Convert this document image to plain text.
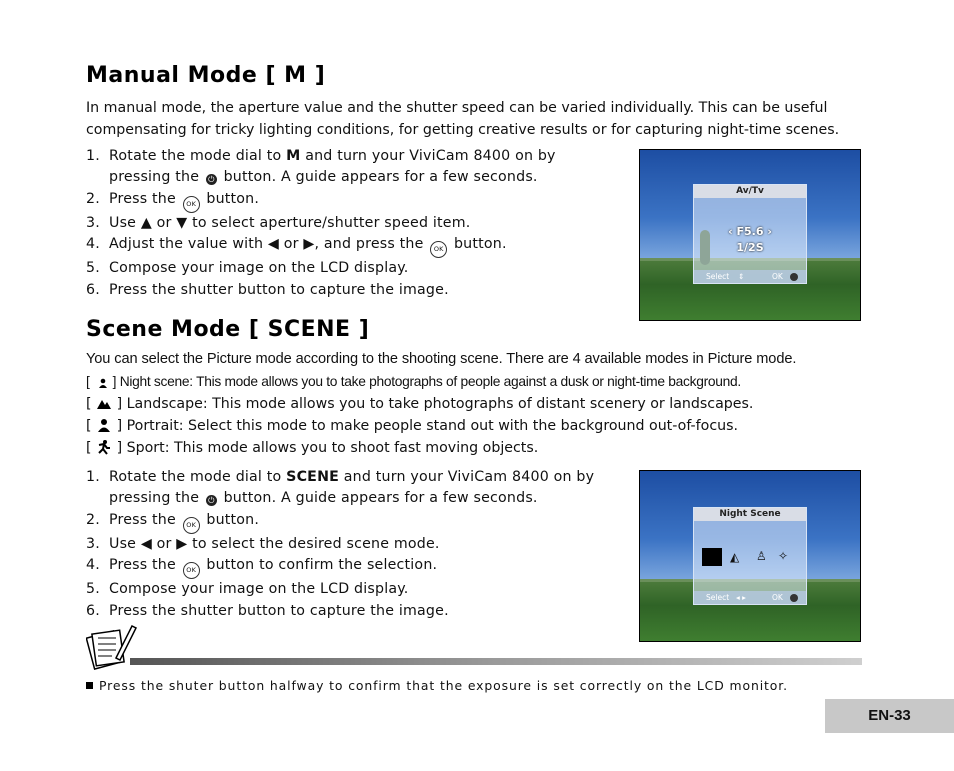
Manual Mode [ M ]
In manual mode, the aperture value and the shutter speed can be varied individually. This can be useful compensating for tricky lighting conditions, for getting creative results or for capturing night-time scenes.
1. Rotate the mode dial to M and turn your ViviCam 8400 on by pressing the ⏻ button. A guide appears for a few seconds.
2. Press the OK button.
3. Use ▲ or ▼ to select aperture/shutter speed item.
4. Adjust the value with ◀ or ▶, and press the OK button.
5. Compose your image on the LCD display.
6. Press the shutter button to capture the image.
Av/Tv
‹ F5.6 ›
1/2S
Select ⇕	OK
Scene Mode [ SCENE ]
You can select the Picture mode according to the shooting scene. There are 4 available modes in Picture mode.
[  ] Night scene: This mode allows you to take photographs of people against a dusk or night-time background.
[  ] Landscape: This mode allows you to take photographs of distant scenery or landscapes.
[  ] Portrait: Select this mode to make people stand out with the background out-of-focus.
[  ] Sport: This mode allows you to shoot fast moving objects.
1. Rotate the mode dial to SCENE and turn your ViviCam 8400 on by pressing the ⏻ button. A guide appears for a few seconds.
2. Press the OK button.
3. Use ◀ or ▶ to select the desired scene mode.
4. Press the OK button to confirm the selection.
5. Compose your image on the LCD display.
6. Press the shutter button to capture the image.
Night Scene
◭ ♙ ✧
Select ◂ ▸	OK
Press the shuter button halfway to confirm that the exposure is set correctly on the LCD monitor.
EN-33
